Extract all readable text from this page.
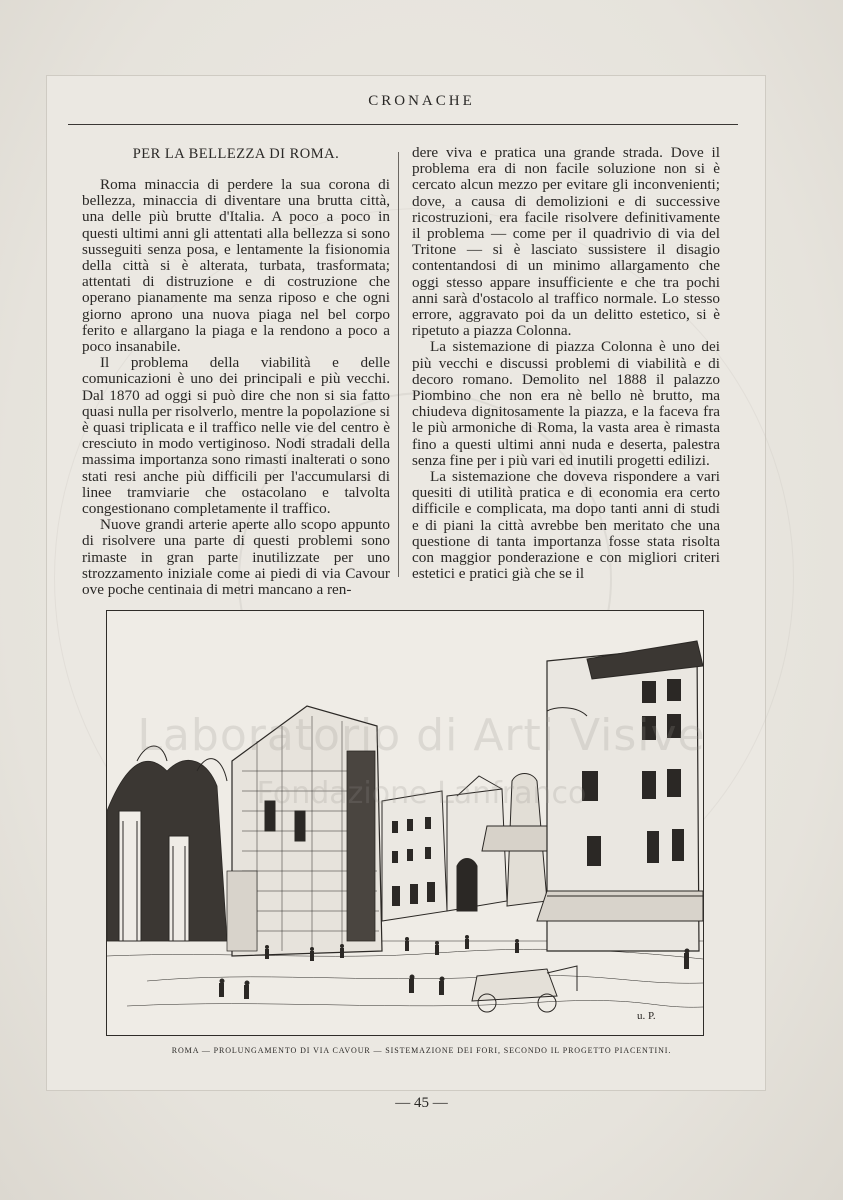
CRONACHE
PER LA BELLEZZA DI ROMA.

Roma minaccia di perdere la sua corona di bellezza, minaccia di diventare una brutta città, una delle più brutte d'Italia. A poco a poco in questi ultimi anni gli attentati alla bellezza si sono susseguiti senza posa, e lentamente la fisionomia della città si è alterata, turbata, trasformata; attentati di distruzione e di costruzione che operano pianamente ma senza riposo e che ogni giorno aprono una nuova piaga nel bel corpo ferito e allargano la piaga e la rendono a poco a poco insanabile.

Il problema della viabilità e delle comunicazioni è uno dei principali e più vecchi. Dal 1870 ad oggi si può dire che non si sia fatto quasi nulla per risolverlo, mentre la popolazione si è quasi triplicata e il traffico nelle vie del centro è cresciuto in modo vertiginoso. Nodi stradali della massima importanza sono rimasti inalterati o sono stati resi anche più difficili per l'accumularsi di linee tramviarie che ostacolano e talvolta congestionano completamente il traffico.

Nuove grandi arterie aperte allo scopo appunto di risolvere una parte di questi problemi sono rimaste in gran parte inutilizzate per uno strozzamento iniziale come ai piedi di via Cavour ove poche centinaia di metri mancano a ren-

dere viva e pratica una grande strada. Dove il problema era di non facile soluzione non si è cercato alcun mezzo per evitare gli inconvenienti; dove, a causa di demolizioni e di successive ricostruzioni, era facile risolvere definitivamente il problema — come per il quadrivio di via del Tritone — si è lasciato sussistere il disagio contentandosi di un minimo allargamento che oggi stesso appare insufficiente e che tra pochi anni sarà d'ostacolo al traffico normale. Lo stesso errore, aggravato poi da un delitto estetico, si è ripetuto a piazza Colonna.

La sistemazione di piazza Colonna è uno dei più vecchi e discussi problemi di viabilità e di decoro romano. Demolito nel 1888 il palazzo Piombino che non era nè bello nè brutto, ma chiudeva dignitosamente la piazza, e la faceva fra le più armoniche di Roma, la vasta area è rimasta fino a questi ultimi anni nuda e deserta, palestra senza fine per i più vari ed inutili progetti edilizi.

La sistemazione che doveva rispondere a vari quesiti di utilità pratica e di economia era certo difficile e complicata, ma dopo tanti anni di studi e di piani la città avrebbe ben meritato che una questione di tanta importanza fosse stata risolta con maggior ponderazione e con migliori criteri estetici e pratici già che se il

u. P.
Laboratorio di Arti Visive
Fondazione Lanfranco
ROMA — PROLUNGAMENTO DI VIA CAVOUR — SISTEMAZIONE DEI FORI, SECONDO IL PROGETTO PIACENTINI.
— 45 —
